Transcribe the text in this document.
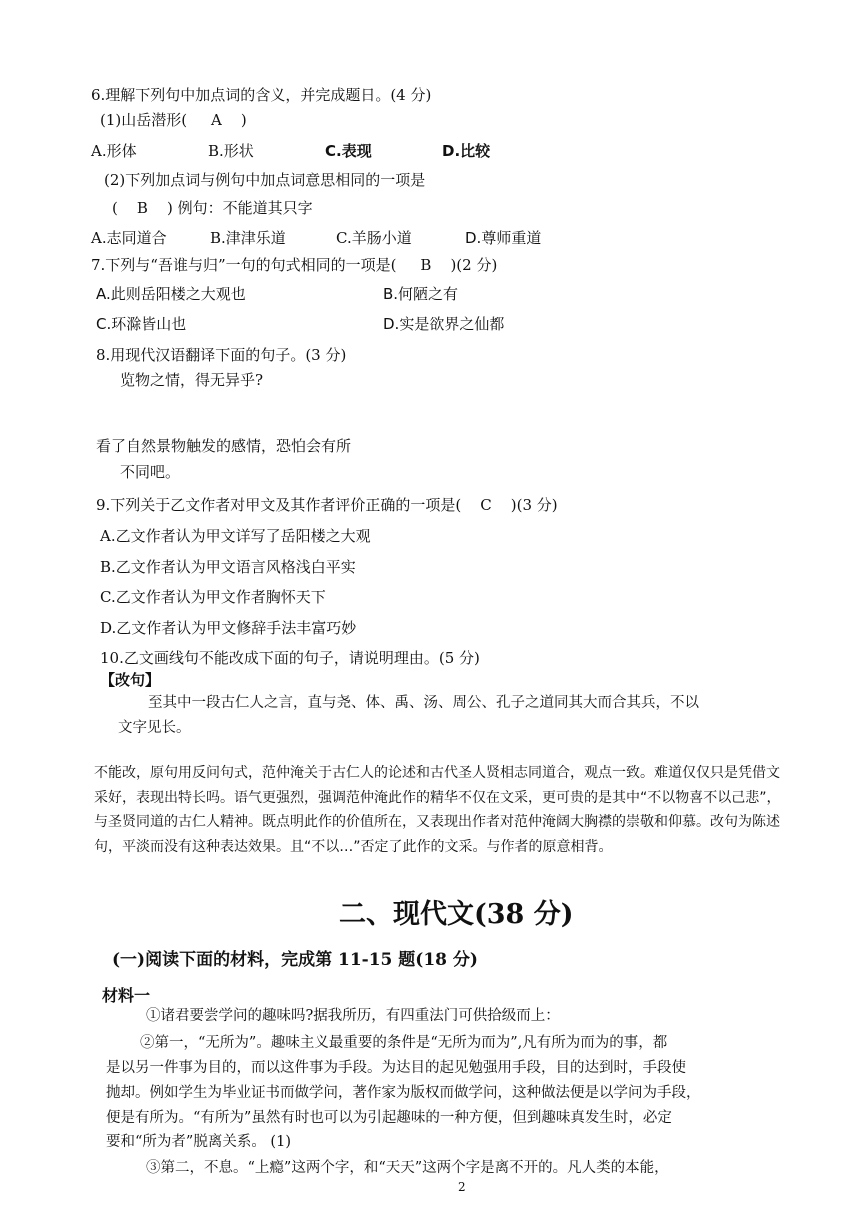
6.理解下列句中加点词的含义，并完成题日。(4 分)
(1)山岳潜形(     A    )
A.形体	B.形状	C.表现	D.比较
(2)下列加点词与例句中加点词意思相同的一项是
(    B    ) 例句：不能道其只字
A.志同道合	B.津津乐道	C.羊肠小道	D.尊师重道
7.下列与“吾谁与归”一句的句式相同的一项是(     B    )(2 分)
A.此则岳阳楼之大观也	B.何陋之有
C.环滁皆山也	D.实是欲界之仙都
8.用现代汉语翻译下面的句子。(3 分)
览物之情，得无异乎?
看了自然景物触发的感情，恐怕会有所
不同吧。
9.下列关于乙文作者对甲文及其作者评价正确的一项是(    C    )(3 分)
A.乙文作者认为甲文详写了岳阳楼之大观
B.乙文作者认为甲文语言风格浅白平实
C.乙文作者认为甲文作者胸怀天下
D.乙文作者认为甲文修辞手法丰富巧妙
10.乙文画线句不能改成下面的句子，请说明理由。(5 分)
【改句】
至其中一段古仁人之言，直与尧、体、禹、汤、周公、孔子之道同其大而合其兵，不以
文字见长。
不能改，原句用反问句式，范仲淹关于古仁人的论述和古代圣人贤相志同道合，观点一致。难道仅仅只是凭借文采好，表现出特长吗。语气更强烈，强调范仲淹此作的精华不仅在文采，更可贵的是其中“不以物喜不以己悲”，与圣贤同道的古仁人精神。既点明此作的价值所在，又表现出作者对范仲淹阔大胸襟的崇敬和仰慕。改句为陈述句，平淡而没有这种表达效果。且“不以…”否定了此作的文采。与作者的原意相背。
二、现代文(38 分)
(一)阅读下面的材料，完成第 11-15 题(18 分)
材料一
①诸君要尝学问的趣味吗?据我所历，有四重法门可供拾级而上：
②第一，“无所为”。趣味主义最重要的条件是“无所为而为”,凡有所为而为的事，都
是以另一件事为目的，而以这件事为手段。为达目的起见勉强用手段，目的达到时，手段使
抛却。例如学生为毕业证书而做学问，著作家为版权而做学问，这种做法便是以学问为手段，
便是有所为。“有所为”虽然有时也可以为引起趣味的一种方便，但到趣味真发生时，必定
要和“所为者”脱离关系。 (1)
③第二，不息。“上瘾”这两个字，和“天天”这两个字是离不开的。凡人类的本能，
2
